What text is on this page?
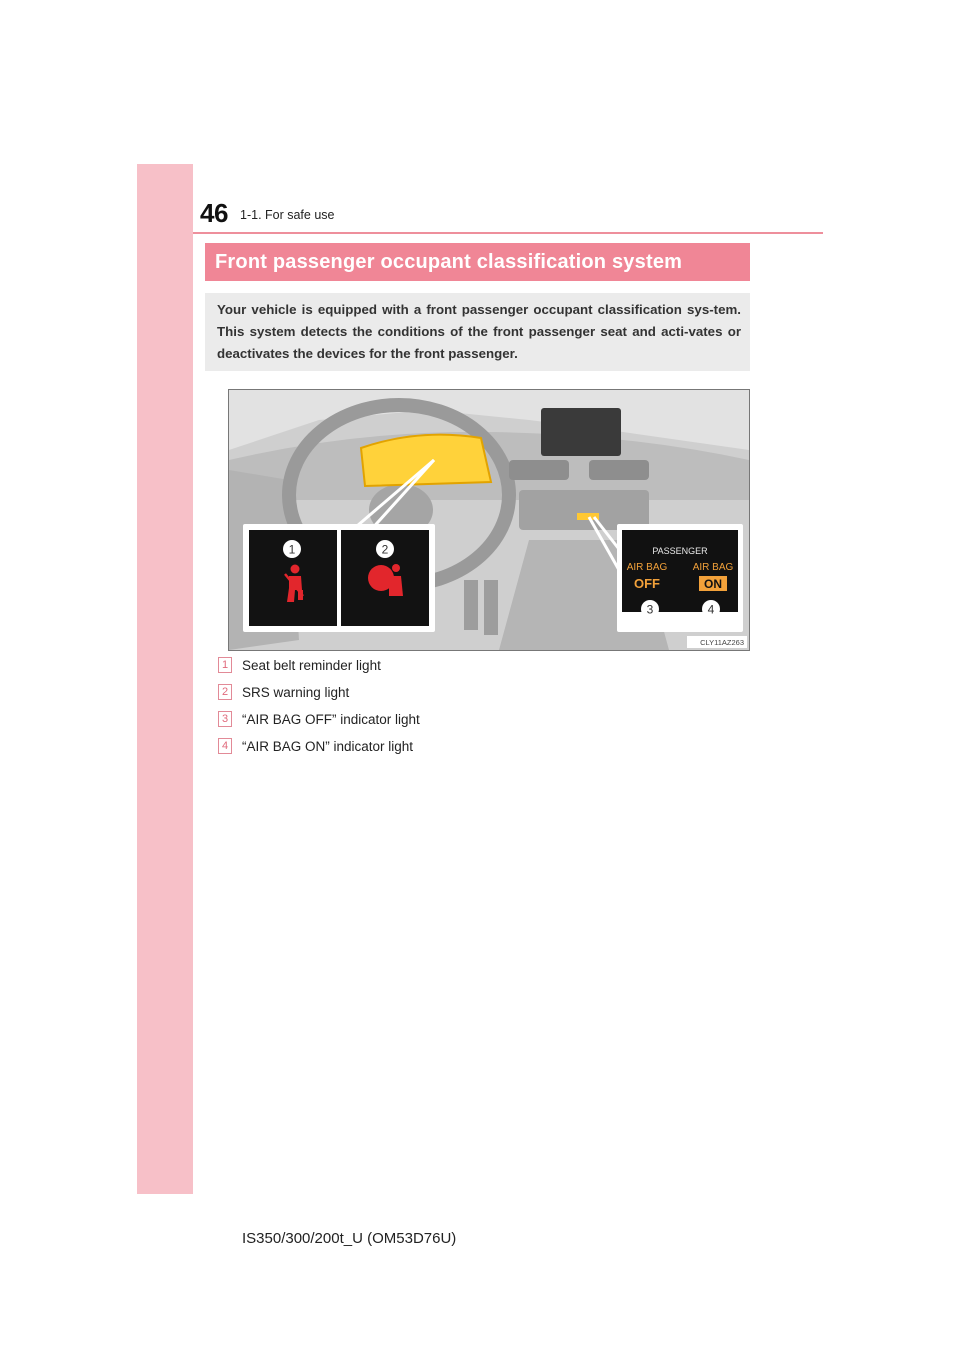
46 1-1. For safe use
Front passenger occupant classification system
Your vehicle is equipped with a front passenger occupant classification sys-tem. This system detects the conditions of the front passenger seat and acti-vates or deactivates the devices for the front passenger.
1	2	PASSENGER
AIR BAG	AIR BAG
OFF	ON
3	4
CLY11AZ263
1 Seat belt reminder light
2 SRS warning light
3 “AIR BAG OFF” indicator light
4 “AIR BAG ON” indicator light
IS350/300/200t_U (OM53D76U)
